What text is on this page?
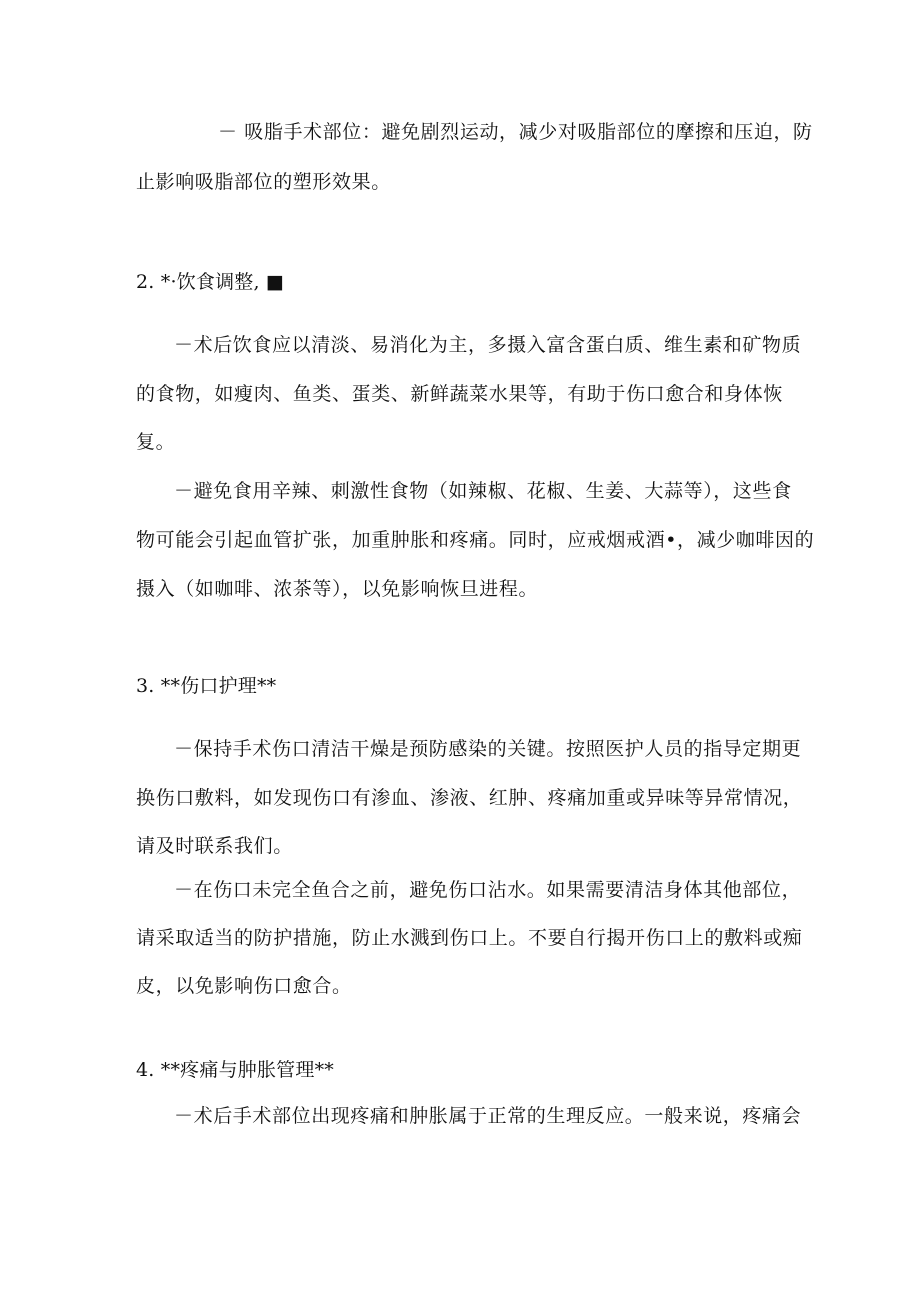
－ 吸脂手术部位：避免剧烈运动，减少对吸脂部位的摩擦和压迫，防
止影响吸脂部位的塑形效果。
2. *·饮食调整, ■
－术后饮食应以清淡、易消化为主，多摄入富含蛋白质、维生素和矿物质
的食物，如瘦肉、鱼类、蛋类、新鲜蔬菜水果等，有助于伤口愈合和身体恢
复。
－避免食用辛辣、刺激性食物（如辣椒、花椒、生姜、大蒜等），这些食
物可能会引起血管扩张，加重肿胀和疼痛。同时，应戒烟戒酒•，减少咖啡因的
摄入（如咖啡、浓茶等），以免影响恢旦进程。
3. **伤口护理**
－保持手术伤口清洁干燥是预防感染的关键。按照医护人员的指导定期更
换伤口敷料，如发现伤口有渗血、渗液、红肿、疼痛加重或异味等异常情况，
请及时联系我们。
－在伤口未完全鱼合之前，避免伤口沾水。如果需要清洁身体其他部位，
请采取适当的防护措施，防止水溅到伤口上。不要自行揭开伤口上的敷料或痴
皮，以免影响伤口愈合。
4. **疼痛与肿胀管理**
－术后手术部位出现疼痛和肿胀属于正常的生理反应。一般来说，疼痛会
